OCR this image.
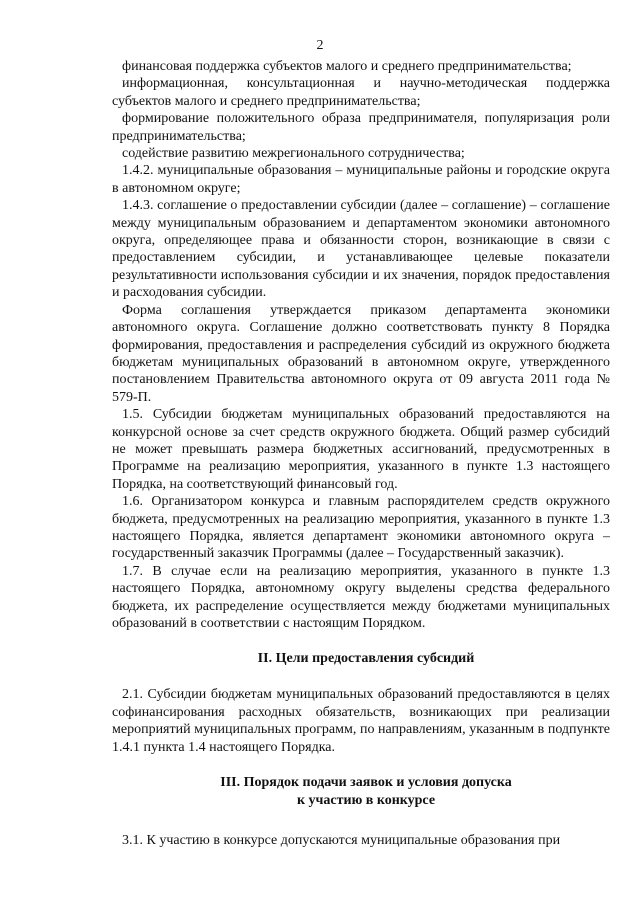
2

финансовая поддержка субъектов малого и среднего предпринимательства;

информационная, консультационная и научно-методическая поддержка субъектов малого и среднего предпринимательства;

формирование положительного образа предпринимателя, популяризация роли предпринимательства;

содействие развитию межрегионального сотрудничества;

1.4.2. муниципальные образования – муниципальные районы и городские округа в автономном округе;

1.4.3. соглашение о предоставлении субсидии (далее – соглашение) – соглашение между муниципальным образованием и департаментом экономики автономного округа, определяющее права и обязанности сторон, возникающие в связи с предоставлением субсидии, и устанавливающее целевые показатели результативности использования субсидии и их значения, порядок предоставления и расходования субсидии.

Форма соглашения утверждается приказом департамента экономики автономного округа. Соглашение должно соответствовать пункту 8 Порядка формирования, предоставления и распределения субсидий из окружного бюджета бюджетам муниципальных образований в автономном округе, утвержденного постановлением Правительства автономного округа от 09 августа 2011 года № 579-П.

1.5. Субсидии бюджетам муниципальных образований предоставляются на конкурсной основе за счет средств окружного бюджета. Общий размер субсидий не может превышать размера бюджетных ассигнований, предусмотренных в Программе на реализацию мероприятия, указанного в пункте 1.3 настоящего Порядка, на соответствующий финансовый год.

1.6. Организатором конкурса и главным распорядителем средств окружного бюджета, предусмотренных на реализацию мероприятия, указанного в пункте 1.3 настоящего Порядка, является департамент экономики автономного округа – государственный заказчик Программы (далее – Государственный заказчик).

1.7. В случае если на реализацию мероприятия, указанного в пункте 1.3 настоящего Порядка, автономному округу выделены средства федерального бюджета, их распределение осуществляется между бюджетами муниципальных образований в соответствии с настоящим Порядком.

II. Цели предоставления субсидий

2.1. Субсидии бюджетам муниципальных образований предоставляются в целях софинансирования расходных обязательств, возникающих при реализации мероприятий муниципальных программ, по направлениям, указанным в подпункте 1.4.1 пункта 1.4 настоящего Порядка.

III. Порядок подачи заявок и условия допуска
к участию в конкурсе

3.1. К участию в конкурсе допускаются муниципальные образования при
